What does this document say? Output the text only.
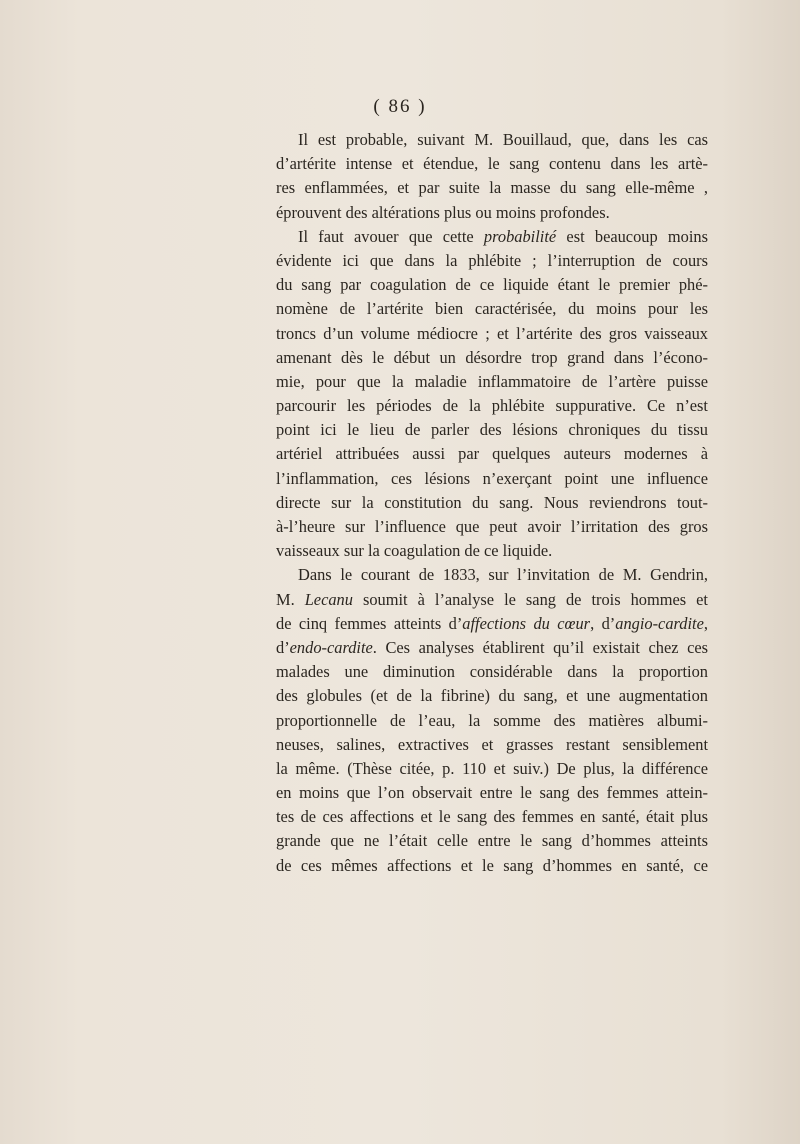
( 86 )
Il est probable, suivant M. Bouillaud, que, dans les cas
d’artérite intense et étendue, le sang contenu dans les artè-
res enflammées, et par suite la masse du sang elle-même ,
éprouvent des altérations plus ou moins profondes.
Il faut avouer que cette probabilité est beaucoup moins
évidente ici que dans la phlébite ; l’interruption de cours
du sang par coagulation de ce liquide étant le premier phé-
nomène de l’artérite bien caractérisée, du moins pour les
troncs d’un volume médiocre ; et l’artérite des gros vaisseaux
amenant dès le début un désordre trop grand dans l’écono-
mie, pour que la maladie inflammatoire de l’artère puisse
parcourir les périodes de la phlébite suppurative. Ce n’est
point ici le lieu de parler des lésions chroniques du tissu
artériel attribuées aussi par quelques auteurs modernes à
l’inflammation, ces lésions n’exerçant point une influence
directe sur la constitution du sang. Nous reviendrons tout-
à-l’heure sur l’influence que peut avoir l’irritation des gros
vaisseaux sur la coagulation de ce liquide.
Dans le courant de 1833, sur l’invitation de M. Gendrin,
M. Lecanu soumit à l’analyse le sang de trois hommes et
de cinq femmes atteints d’affections du cœur, d’angio-cardite,
d’endo-cardite. Ces analyses établirent qu’il existait chez ces
malades une diminution considérable dans la proportion
des globules (et de la fibrine) du sang, et une augmentation
proportionnelle de l’eau, la somme des matières albumi-
neuses, salines, extractives et grasses restant sensiblement
la même. (Thèse citée, p. 110 et suiv.) De plus, la différence
en moins que l’on observait entre le sang des femmes attein-
tes de ces affections et le sang des femmes en santé, était plus
grande que ne l’était celle entre le sang d’hommes atteints
de ces mêmes affections et le sang d’hommes en santé, ce
